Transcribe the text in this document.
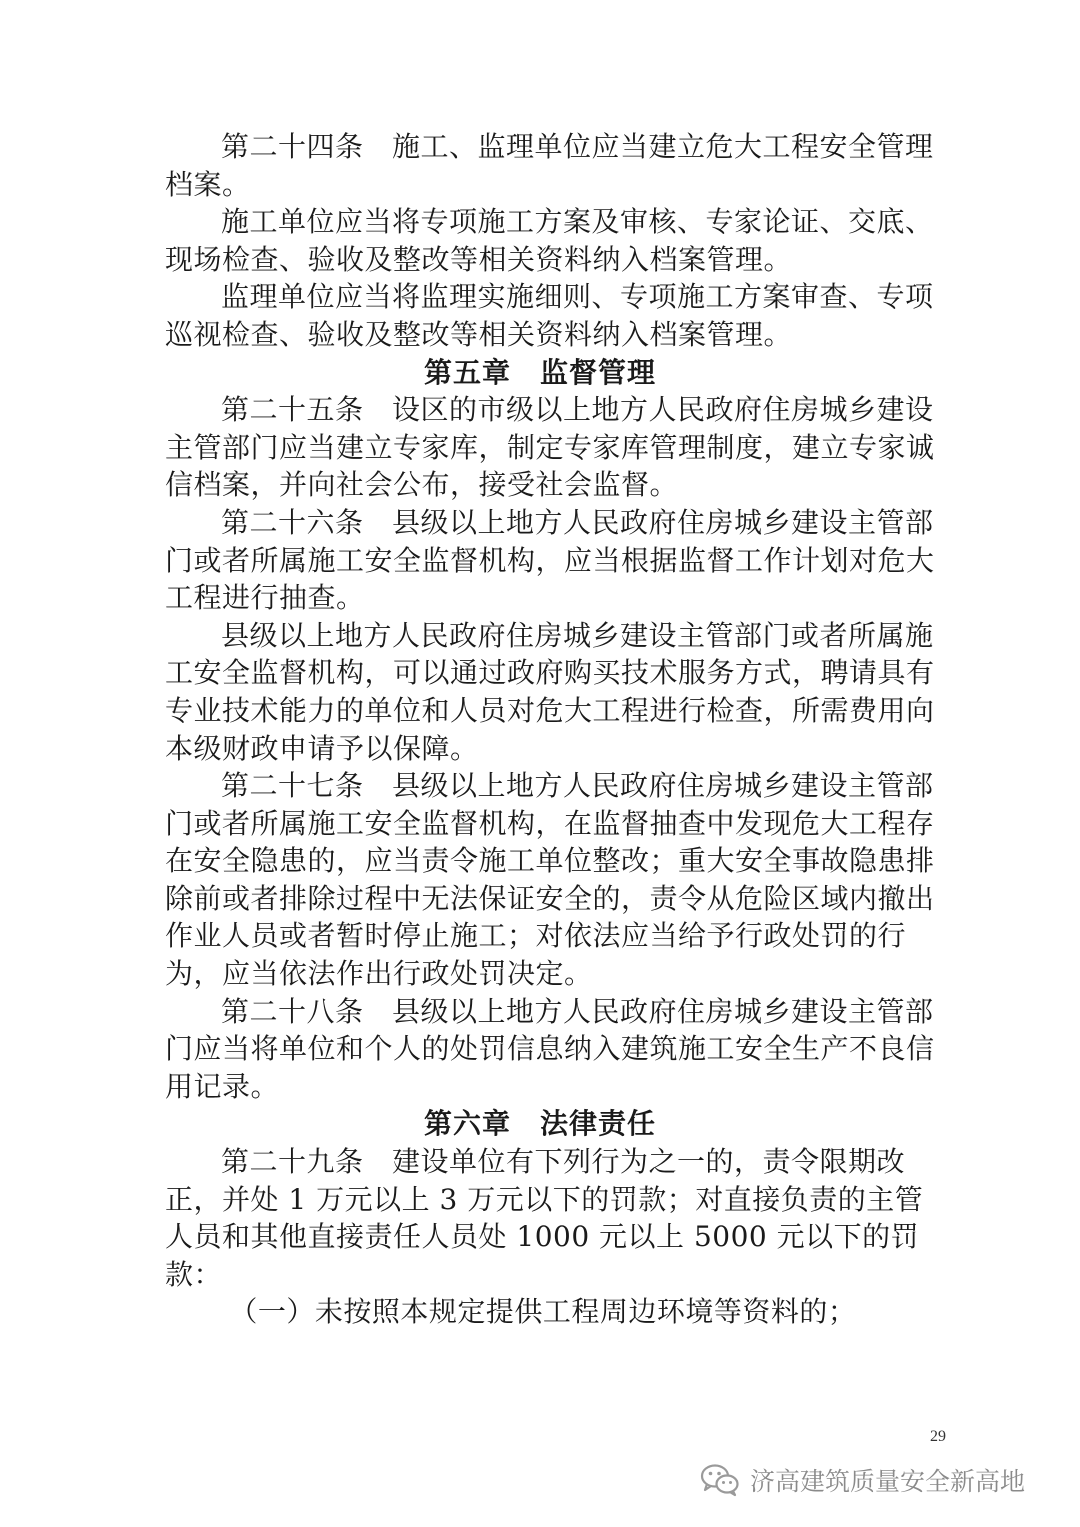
第二十四条　施工、监理单位应当建立危大工程安全管理档案。

施工单位应当将专项施工方案及审核、专家论证、交底、现场检查、验收及整改等相关资料纳入档案管理。

监理单位应当将监理实施细则、专项施工方案审查、专项巡视检查、验收及整改等相关资料纳入档案管理。

第五章　监督管理

第二十五条　设区的市级以上地方人民政府住房城乡建设主管部门应当建立专家库，制定专家库管理制度，建立专家诚信档案，并向社会公布，接受社会监督。

第二十六条　县级以上地方人民政府住房城乡建设主管部门或者所属施工安全监督机构，应当根据监督工作计划对危大工程进行抽查。

县级以上地方人民政府住房城乡建设主管部门或者所属施工安全监督机构，可以通过政府购买技术服务方式，聘请具有专业技术能力的单位和人员对危大工程进行检查，所需费用向本级财政申请予以保障。

第二十七条　县级以上地方人民政府住房城乡建设主管部门或者所属施工安全监督机构，在监督抽查中发现危大工程存在安全隐患的，应当责令施工单位整改；重大安全事故隐患排除前或者排除过程中无法保证安全的，责令从危险区域内撤出作业人员或者暂时停止施工；对依法应当给予行政处罚的行为，应当依法作出行政处罚决定。

第二十八条　县级以上地方人民政府住房城乡建设主管部门应当将单位和个人的处罚信息纳入建筑施工安全生产不良信用记录。

第六章　法律责任

第二十九条　建设单位有下列行为之一的，责令限期改正，并处 1 万元以上 3 万元以下的罚款；对直接负责的主管人员和其他直接责任人员处 1000 元以上 5000 元以下的罚款：

（一）未按照本规定提供工程周边环境等资料的；

29
济高建筑质量安全新高地
